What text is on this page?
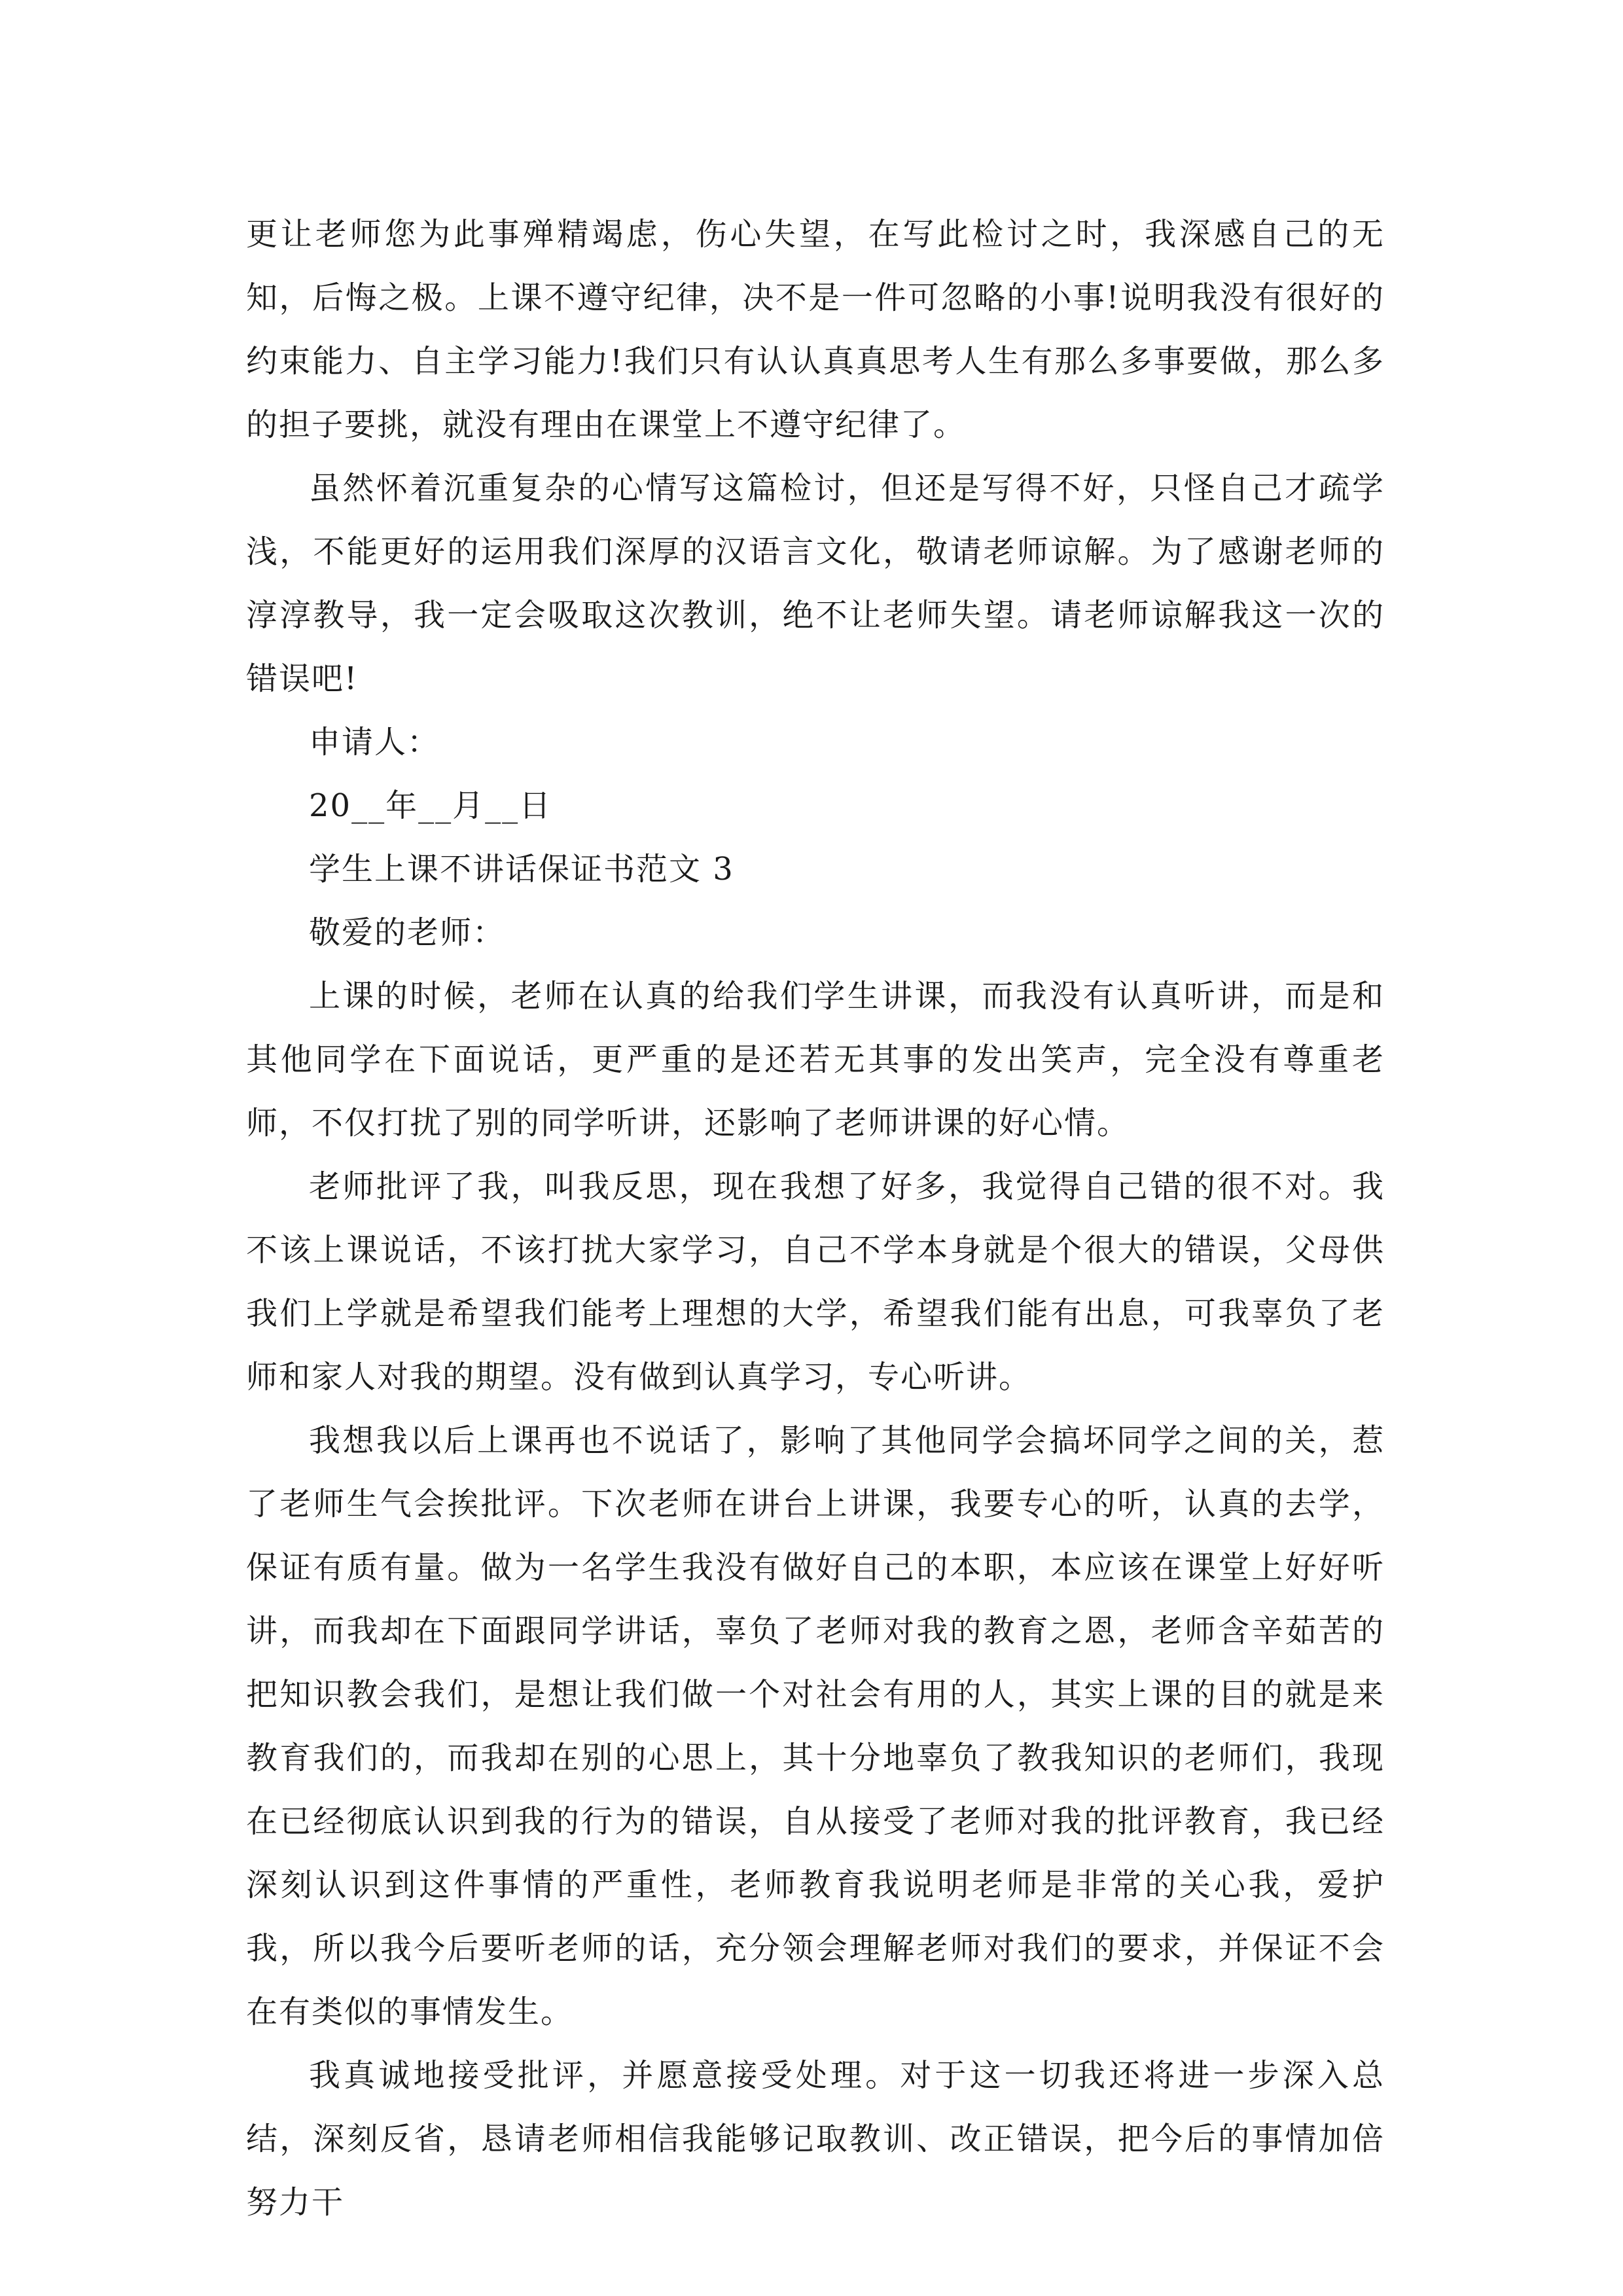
更让老师您为此事殚精竭虑，伤心失望，在写此检讨之时，我深感自己的无知，后悔之极。上课不遵守纪律，决不是一件可忽略的小事!说明我没有很好的约束能力、自主学习能力!我们只有认认真真思考人生有那么多事要做，那么多的担子要挑，就没有理由在课堂上不遵守纪律了。

虽然怀着沉重复杂的心情写这篇检讨，但还是写得不好，只怪自己才疏学浅，不能更好的运用我们深厚的汉语言文化，敬请老师谅解。为了感谢老师的淳淳教导，我一定会吸取这次教训，绝不让老师失望。请老师谅解我这一次的错误吧!

申请人：

20__年__月__日

学生上课不讲话保证书范文 3

敬爱的老师：

上课的时候，老师在认真的给我们学生讲课，而我没有认真听讲，而是和其他同学在下面说话，更严重的是还若无其事的发出笑声，完全没有尊重老师，不仅打扰了别的同学听讲，还影响了老师讲课的好心情。

老师批评了我，叫我反思，现在我想了好多，我觉得自己错的很不对。我不该上课说话，不该打扰大家学习，自己不学本身就是个很大的错误，父母供我们上学就是希望我们能考上理想的大学，希望我们能有出息，可我辜负了老师和家人对我的期望。没有做到认真学习，专心听讲。

我想我以后上课再也不说话了，影响了其他同学会搞坏同学之间的关，惹了老师生气会挨批评。下次老师在讲台上讲课，我要专心的听，认真的去学，保证有质有量。做为一名学生我没有做好自己的本职，本应该在课堂上好好听讲，而我却在下面跟同学讲话，辜负了老师对我的教育之恩，老师含辛茹苦的把知识教会我们，是想让我们做一个对社会有用的人，其实上课的目的就是来教育我们的，而我却在别的心思上，其十分地辜负了教我知识的老师们，我现在已经彻底认识到我的行为的错误，自从接受了老师对我的批评教育，我已经深刻认识到这件事情的严重性，老师教育我说明老师是非常的关心我，爱护我，所以我今后要听老师的话，充分领会理解老师对我们的要求，并保证不会在有类似的事情发生。

我真诚地接受批评，并愿意接受处理。对于这一切我还将进一步深入总结，深刻反省，恳请老师相信我能够记取教训、改正错误，把今后的事情加倍努力干
